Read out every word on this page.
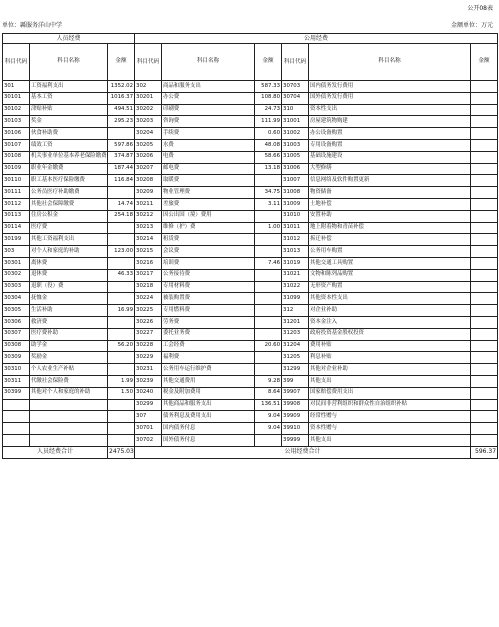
公开08表
单位：縣服务洋山中学	金额单位：万元
人员经费			公用经费					
科目代码	科目名称	金额	科目代码	科目名称	金额	科目代码	科目名称	金额
301	工资福利支出	1352.02	302	商品和服务支出	587.33	30703	国内债务发行费用	
30101	基本工资	1016.37	30201	办公费	108.80	30704	国外债务发行费用	
30102	津贴补贴	494.51	30202	印刷费	24.73	310	资本性支出	
30103	奖金	295.23	30203	咨询费	111.99	31001	房屋建筑物购建	
30106	伙食补助费		30204	手续费	0.60	31002	办公设备购置	
30107	绩效工资	597.86	30205	水费	48.08	31003	专用设备购置	
30108	机关事业单位基本养老保险缴费	374.87	30206	电费	58.66	31005	基础设施建设	
30109	职业年金缴费	187.44	30207	邮电费	13.18	31006	大型修缮	
30110	职工基本医疗保险缴费	116.84	30208	取暖费		31007	信息网络及软件购置更新	
30111	公务员医疗补助缴费		30209	物业管理费	34.75	31008	物资储备	
30112	其他社会保障缴费	14.74	30211	差旅费	3.11	31009	土地补偿	
30113	住房公积金	254.18	30212	因公出国（境）费用		31010	安置补助	
30114	医疗费		30213	维修（护）费	1.00	31011	地上附着物和青苗补偿	
30199	其他工资福利支出		30214	租赁费		31012	拆迁补偿	
303	对个人和家庭的补助	123.00	30215	会议费		31013	公务用车购置	
30301	离休费		30216	培训费	7.46	31019	其他交通工具购置	
30302	退休费	46.33	30217	公务接待费		31021	文物和陈列品购置	
30303	退职（役）费		30218	专用材料费		31022	无形资产购置	
30304	抚恤金		30224	被装购置费		31099	其他资本性支出	
30305	生活补助	16.99	30225	专用燃料费		312	对企业补助	
30306	救济费		30226	劳务费		31201	资本金注入	
30307	医疗费补助		30227	委托业务费		31203	政府投资基金股权投资	
30308	助学金	56.20	30228	工会经费	20.60	31204	费用补贴	
30309	奖励金		30229	福利费		31205	利息补贴	
30310	个人农业生产补贴		30231	公务用车运行维护费		31299	其他对企业补助	
30311	代缴社会保险费	1.99	30239	其他交通费用	9.28	399	其他支出	
30399	其他对个人和家庭的补助	1.50	30240	税金及附加费用	8.64	39907	国家赔偿费用支出	
			30299	其他商品和服务支出	136.51	39908	对民间非营利组织和群众性自治组织补贴	
			307	债务利息及费用支出	9.04	39909	经常性赠与	
			30701	国内债务付息	9.04	39910	资本性赠与	
			30702	国外债务付息		39999	其他支出	
人员经费合计		2475.03	公用经费合计					596.37
